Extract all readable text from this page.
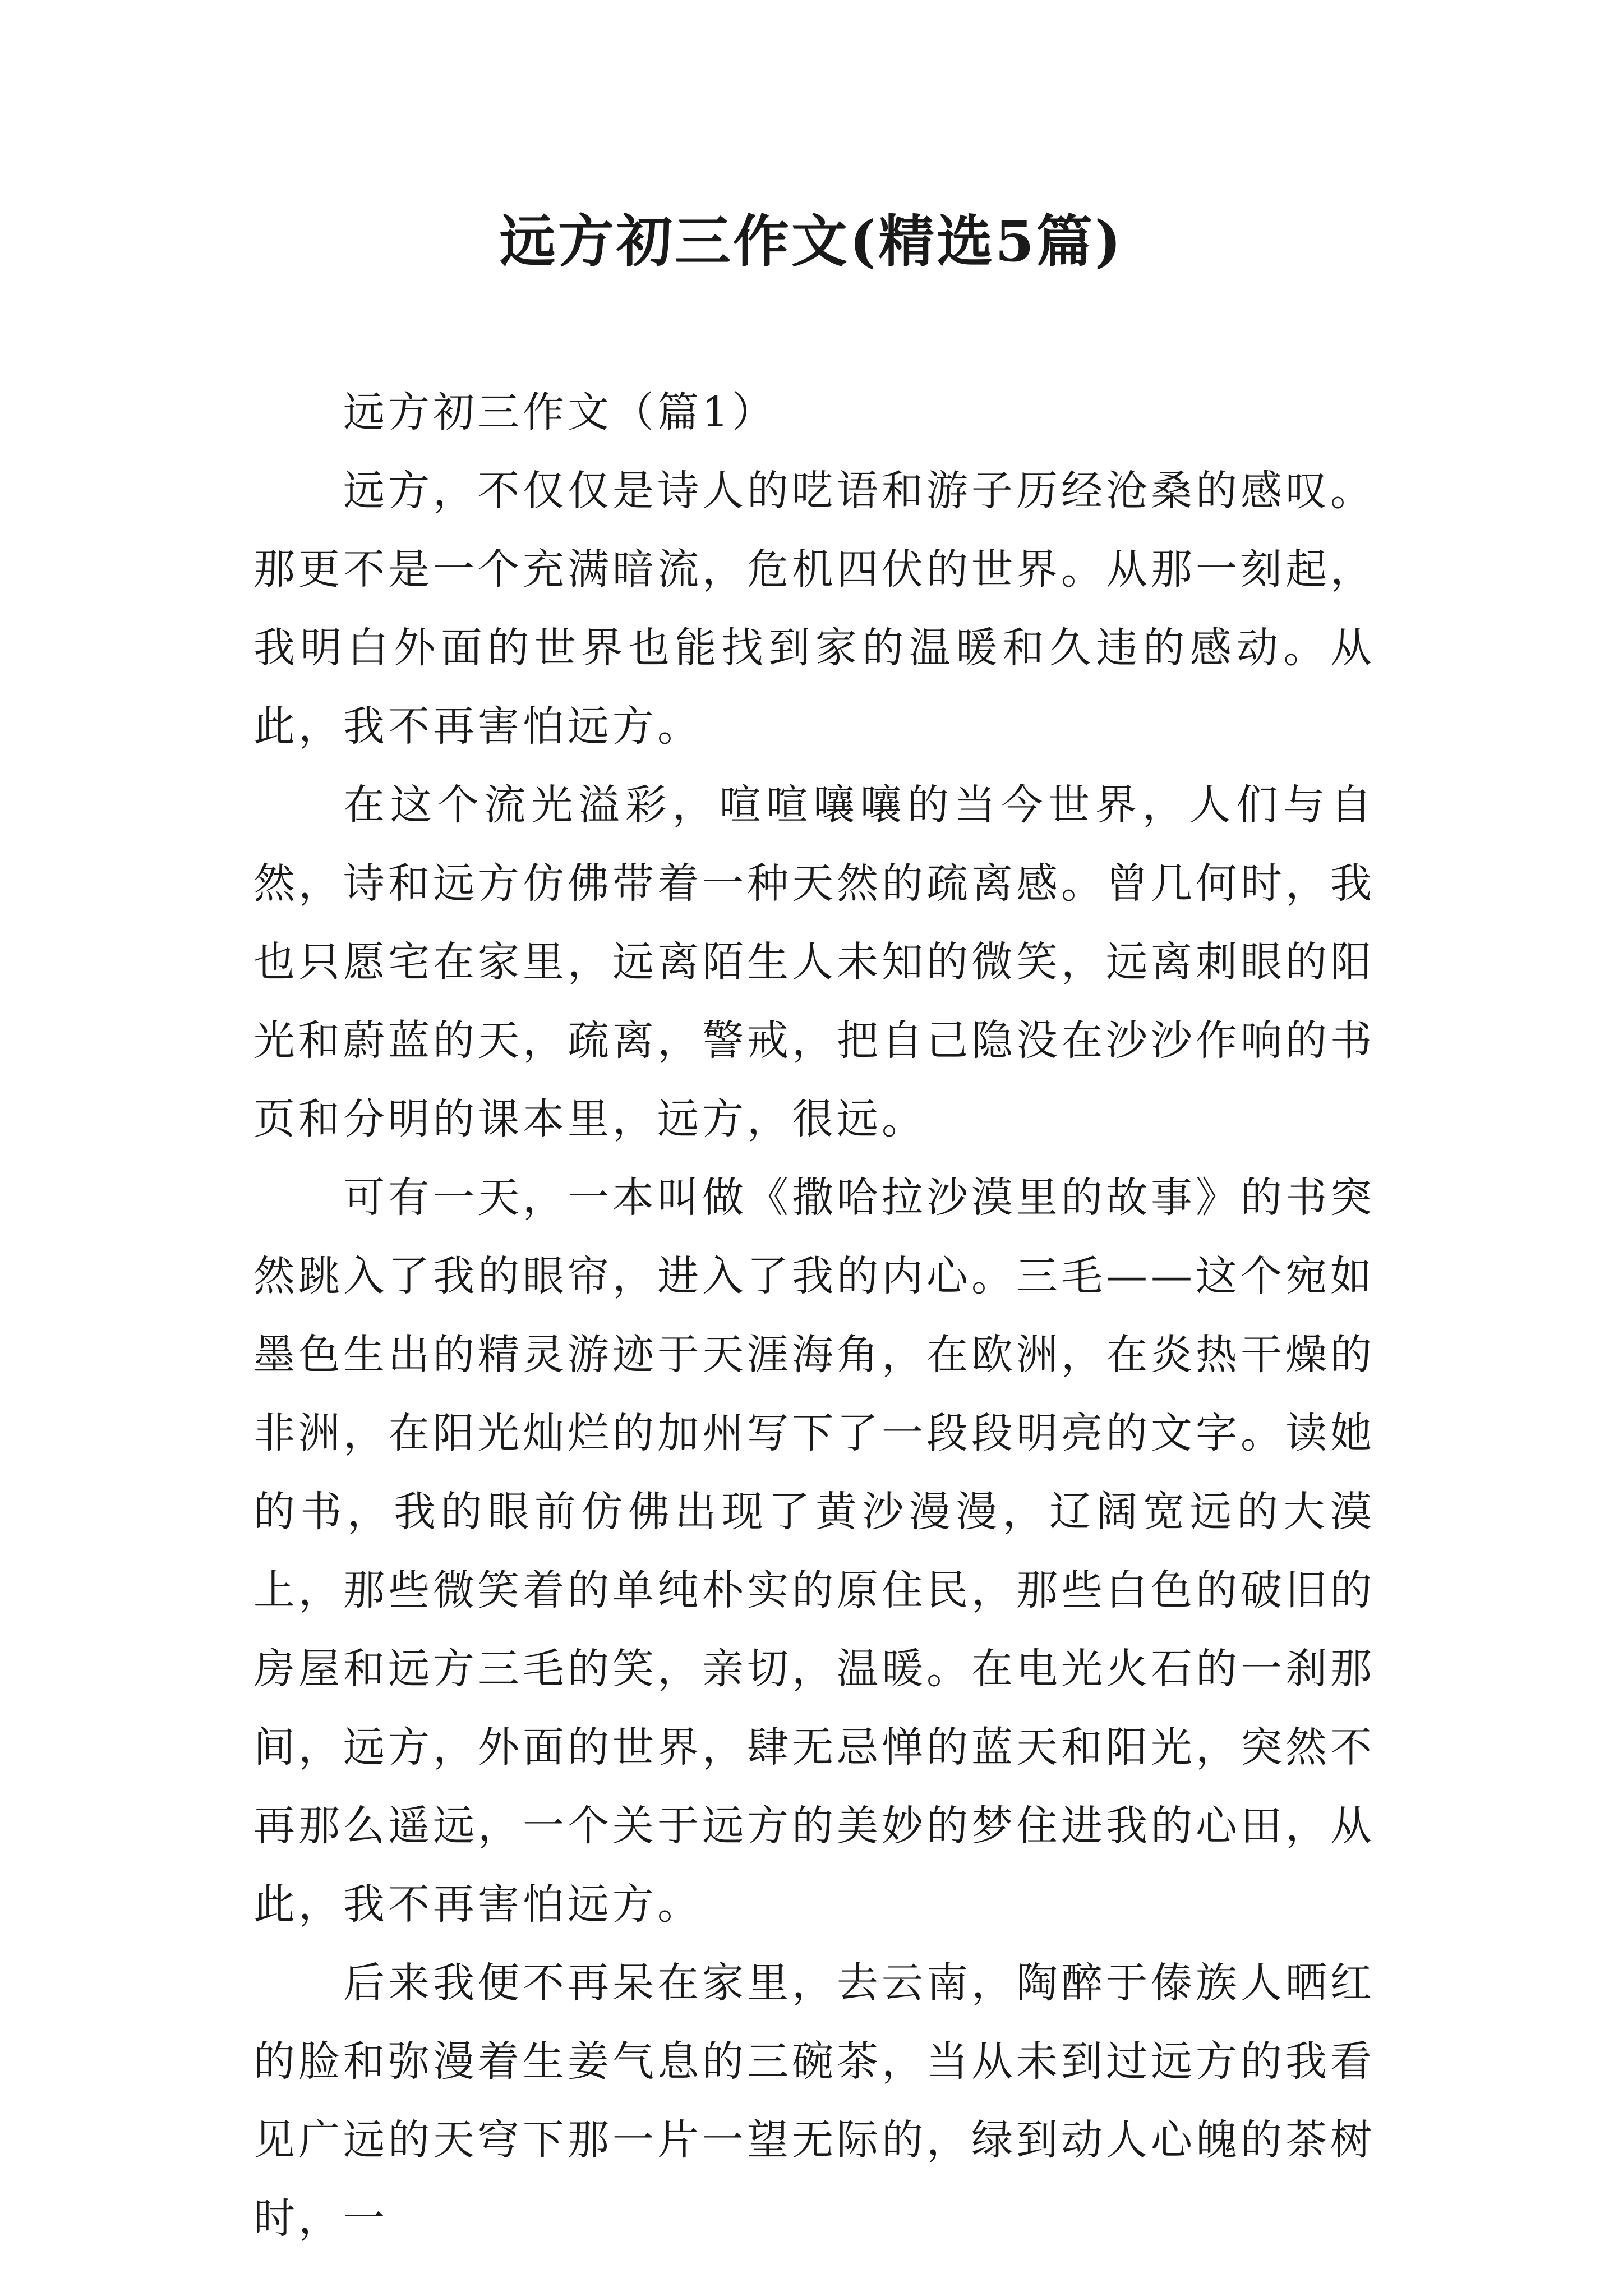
远方初三作文(精选5篇)

远方初三作文（篇1）

远方，不仅仅是诗人的呓语和游子历经沧桑的感叹。那更不是一个充满暗流，危机四伏的世界。从那一刻起，我明白外面的世界也能找到家的温暖和久违的感动。从此，我不再害怕远方。

在这个流光溢彩，喧喧嚷嚷的当今世界，人们与自然，诗和远方仿佛带着一种天然的疏离感。曾几何时，我也只愿宅在家里，远离陌生人未知的微笑，远离刺眼的阳光和蔚蓝的天，疏离，警戒，把自己隐没在沙沙作响的书页和分明的课本里，远方，很远。

可有一天，一本叫做《撒哈拉沙漠里的故事》的书突然跳入了我的眼帘，进入了我的内心。三毛——这个宛如墨色生出的精灵游迹于天涯海角，在欧洲，在炎热干燥的非洲，在阳光灿烂的加州写下了一段段明亮的文字。读她的书，我的眼前仿佛出现了黄沙漫漫，辽阔宽远的大漠上，那些微笑着的单纯朴实的原住民，那些白色的破旧的房屋和远方三毛的笑，亲切，温暖。在电光火石的一刹那间，远方，外面的世界，肆无忌惮的蓝天和阳光，突然不再那么遥远，一个关于远方的美妙的梦住进我的心田，从此，我不再害怕远方。

后来我便不再呆在家里，去云南，陶醉于傣族人晒红的脸和弥漫着生姜气息的三碗茶，当从未到过远方的我看见广远的天穹下那一片一望无际的，绿到动人心魄的茶树时，一
